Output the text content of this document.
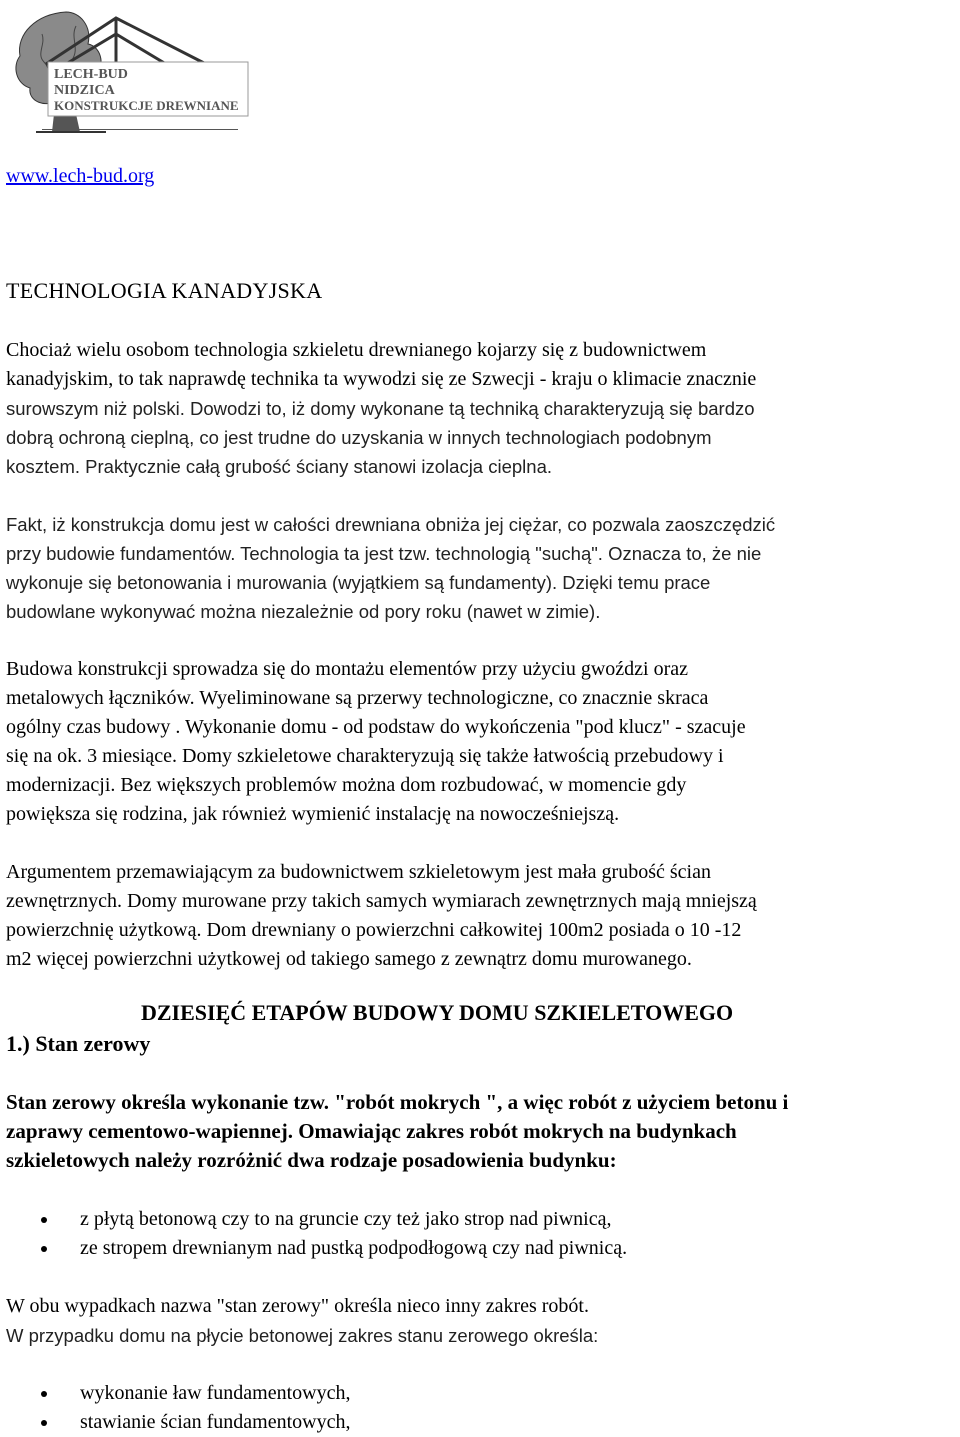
LECH-BUD
NIDZICA
KONSTRUKCJE DREWNIANE
www.lech-bud.org
TECHNOLOGIA KANADYJSKA

Chociaż wielu osobom technologia szkieletu drewnianego kojarzy się z budownictwem
kanadyjskim, to tak naprawdę technika ta wywodzi się ze Szwecji - kraju o klimacie znacznie
surowszym niż polski. Dowodzi to, iż domy wykonane tą techniką charakteryzują się bardzo
dobrą ochroną cieplną, co jest trudne do uzyskania w innych technologiach podobnym
kosztem. Praktycznie całą grubość ściany stanowi izolacja cieplna.

Fakt, iż konstrukcja domu jest w całości drewniana obniża jej ciężar, co pozwala zaoszczędzić
przy budowie fundamentów. Technologia ta jest tzw. technologią "suchą". Oznacza to, że nie
wykonuje się betonowania i murowania (wyjątkiem są fundamenty). Dzięki temu prace
budowlane wykonywać można niezależnie od pory roku (nawet w zimie).

Budowa konstrukcji sprowadza się do montażu elementów przy użyciu gwoździ oraz
metalowych łączników. Wyeliminowane są przerwy technologiczne, co znacznie skraca
ogólny czas budowy . Wykonanie domu - od podstaw do wykończenia "pod klucz" - szacuje
się na ok. 3 miesiące. Domy szkieletowe charakteryzują się także łatwością przebudowy i
modernizacji. Bez większych problemów można dom rozbudować, w momencie gdy
powiększa się rodzina, jak również wymienić instalację na nowocześniejszą.

Argumentem przemawiającym za budownictwem szkieletowym jest mała grubość ścian
zewnętrznych. Domy murowane przy takich samych wymiarach zewnętrznych mają mniejszą
powierzchnię użytkową. Dom drewniany o powierzchni całkowitej 100m2 posiada o 10 -12
m2 więcej powierzchni użytkowej od takiego samego z zewnątrz domu murowanego.

DZIESIĘĆ ETAPÓW BUDOWY DOMU SZKIELETOWEGO
1.) Stan zerowy

Stan zerowy określa wykonanie tzw. "robót mokrych ", a więc robót z użyciem betonu i
zaprawy cementowo-wapiennej. Omawiając zakres robót mokrych na budynkach
szkieletowych należy rozróżnić dwa rodzaje posadowienia budynku:

z płytą betonową czy to na gruncie czy też jako strop nad piwnicą,
ze stropem drewnianym nad pustką podpodłogową czy nad piwnicą.

W obu wypadkach nazwa "stan zerowy" określa nieco inny zakres robót.
W przypadku domu na płycie betonowej zakres stanu zerowego określa:

wykonanie ław fundamentowych,
stawianie ścian fundamentowych,
